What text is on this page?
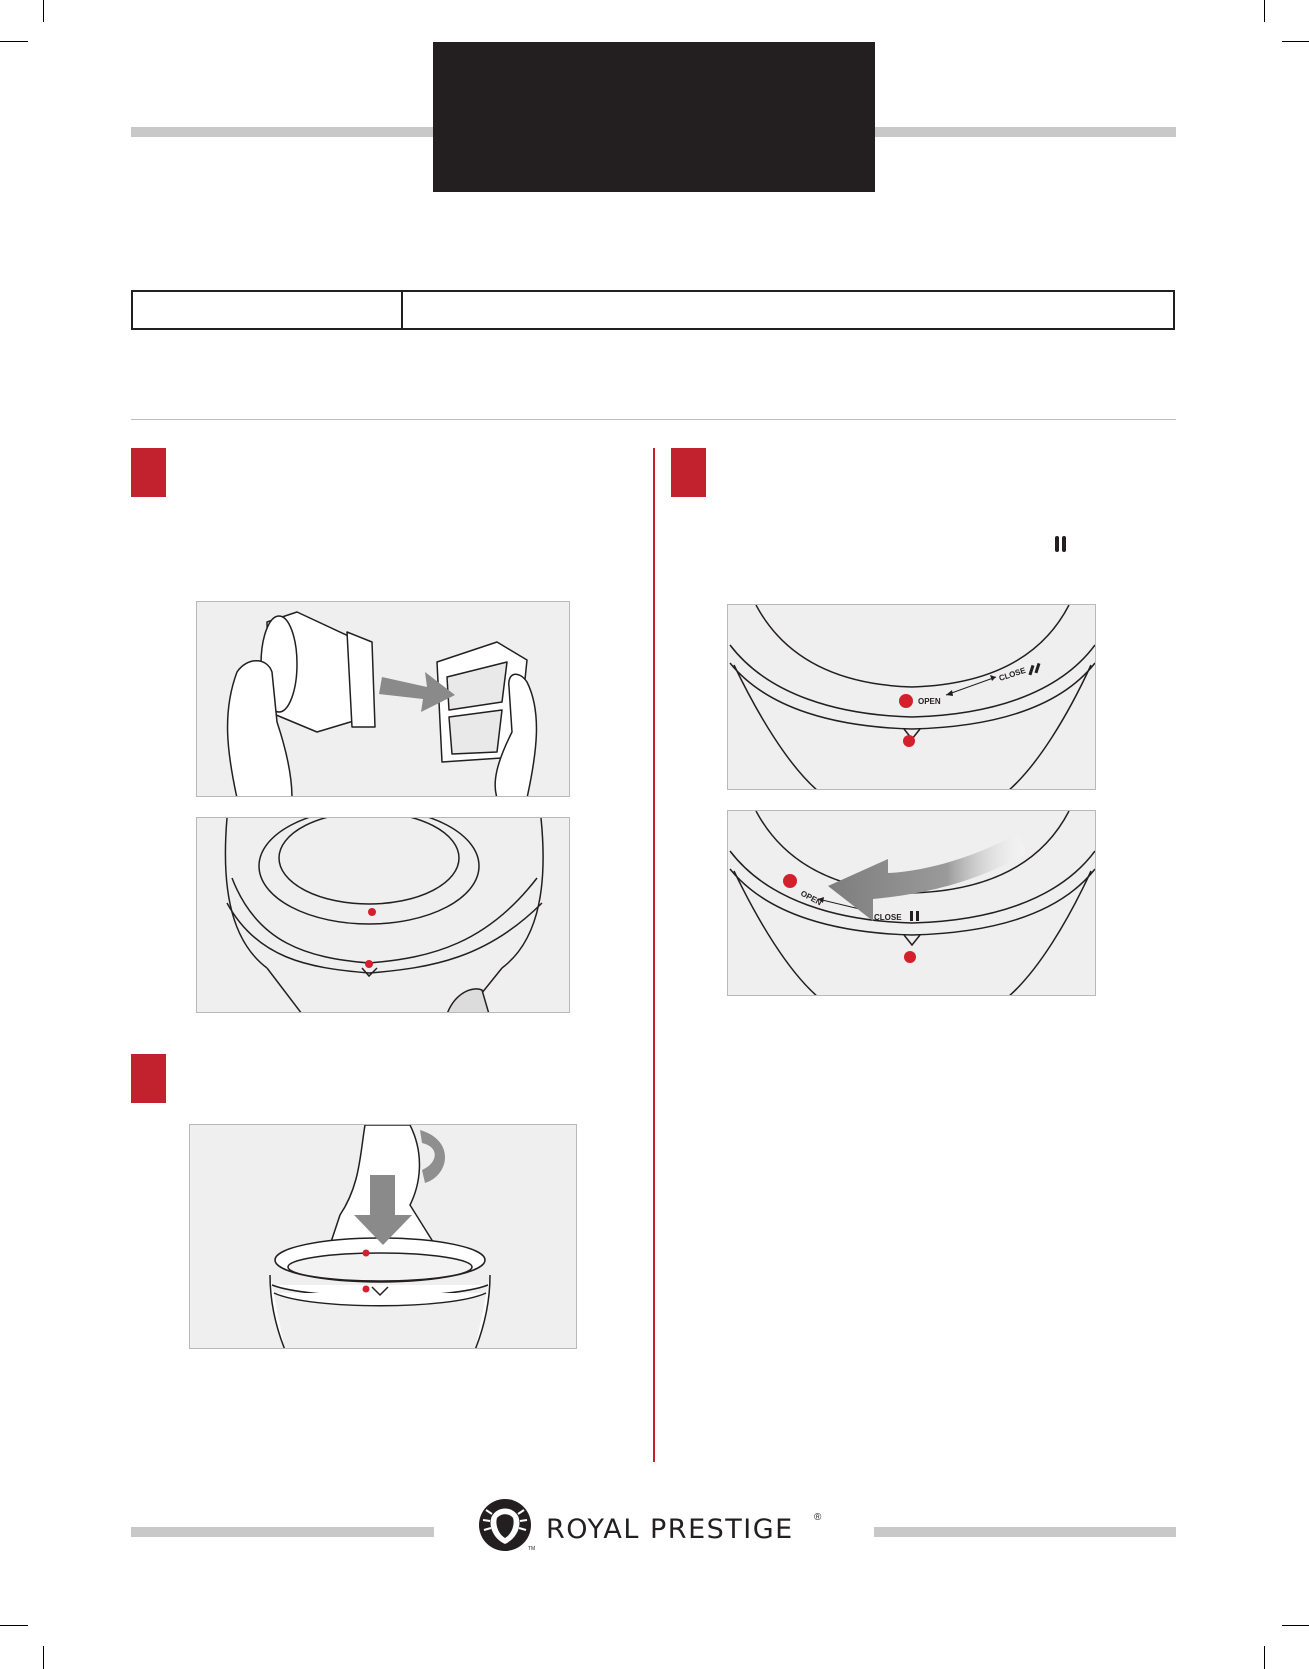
OPEN
CLOSE
OPEN
CLOSE
TM
ROYAL PRESTIGE ®
